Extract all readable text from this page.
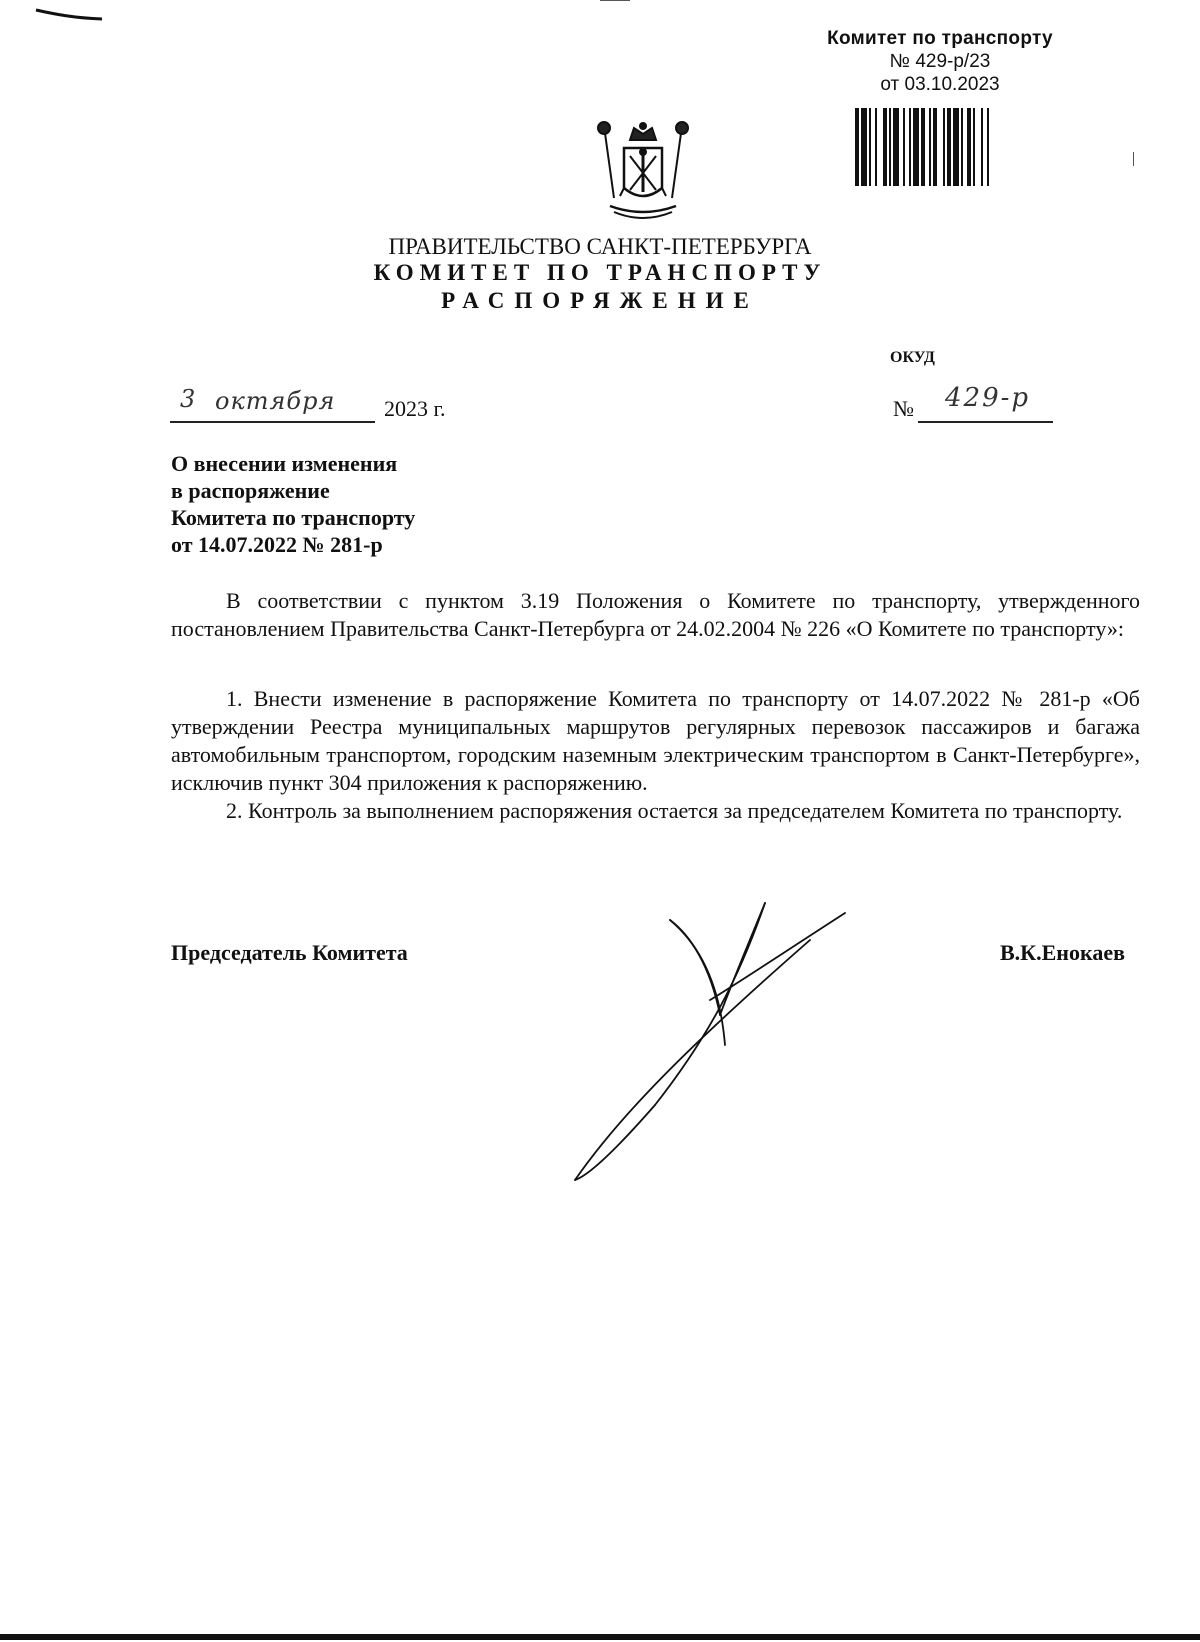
Комитет по транспорту
№ 429-р/23
от 03.10.2023
ПРАВИТЕЛЬСТВО САНКТ-ПЕТЕРБУРГА
КОМИТЕТ ПО ТРАНСПОРТУ
РАСПОРЯЖЕНИЕ
ОКУД
3 октября 2023 г.	№ 429-р
О внесении изменения
в распоряжение
Комитета по транспорту
от 14.07.2022 № 281-р
В соответствии с пунктом 3.19 Положения о Комитете по транспорту, утвержденного постановлением Правительства Санкт-Петербурга от 24.02.2004 № 226 «О Комитете по транспорту»:
1. Внести изменение в распоряжение Комитета по транспорту от 14.07.2022 № 281-р «Об утверждении Реестра муниципальных маршрутов регулярных перевозок пассажиров и багажа автомобильным транспортом, городским наземным электрическим транспортом в Санкт-Петербурге», исключив пункт 304 приложения к распоряжению.
2. Контроль за выполнением распоряжения остается за председателем Комитета по транспорту.
Председатель Комитета	В.К.Енокаев
